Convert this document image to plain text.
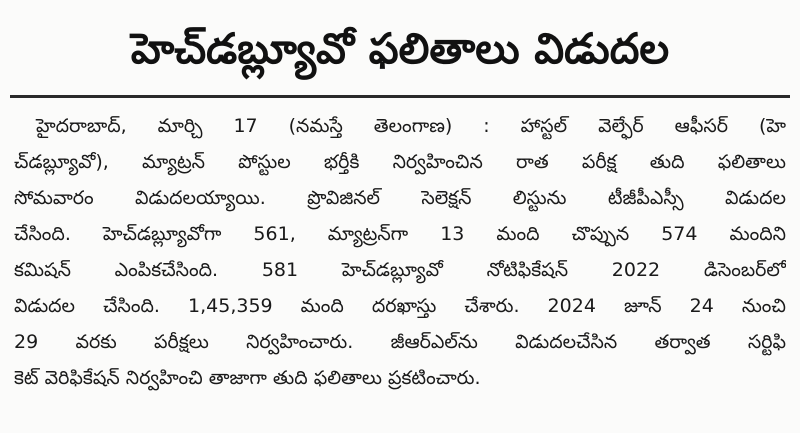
హెచ్‌డబ్ల్యూవో ఫలితాలు విడుదల
హైదరాబాద్, మార్చి 17 (నమస్తే తెలంగాణ) : హాస్టల్ వెల్ఫేర్ ఆఫీసర్ (హె
చ్‌డబ్ల్యూవో), మ్యాట్రన్ పోస్టుల భర్తీకి నిర్వహించిన రాత పరీక్ష తుది ఫలితాలు
సోమవారం విడుదలయ్యాయి. ప్రొవిజినల్ సెలెక్షన్ లిస్టును టీజీపీఎస్సీ విడుదల
చేసింది. హెచ్‌డబ్ల్యూవోగా 561, మ్యాట్రన్‌గా 13 మంది చొప్పున 574 మందిని
కమిషన్ ఎంపికచేసింది. 581 హెచ్‌డబ్ల్యూవో నోటిఫికేషన్ 2022 డిసెంబర్‌లో
విడుదల చేసింది. 1,45,359 మంది దరఖాస్తు చేశారు. 2024 జూన్ 24 నుంచి
29 వరకు పరీక్షలు నిర్వహించారు. జీఆర్‌ఎల్‌ను విడుదలచేసిన తర్వాత సర్టిఫి
కెట్ వెరిఫికేషన్ నిర్వహించి తాజాగా తుది ఫలితాలు ప్రకటించారు.
